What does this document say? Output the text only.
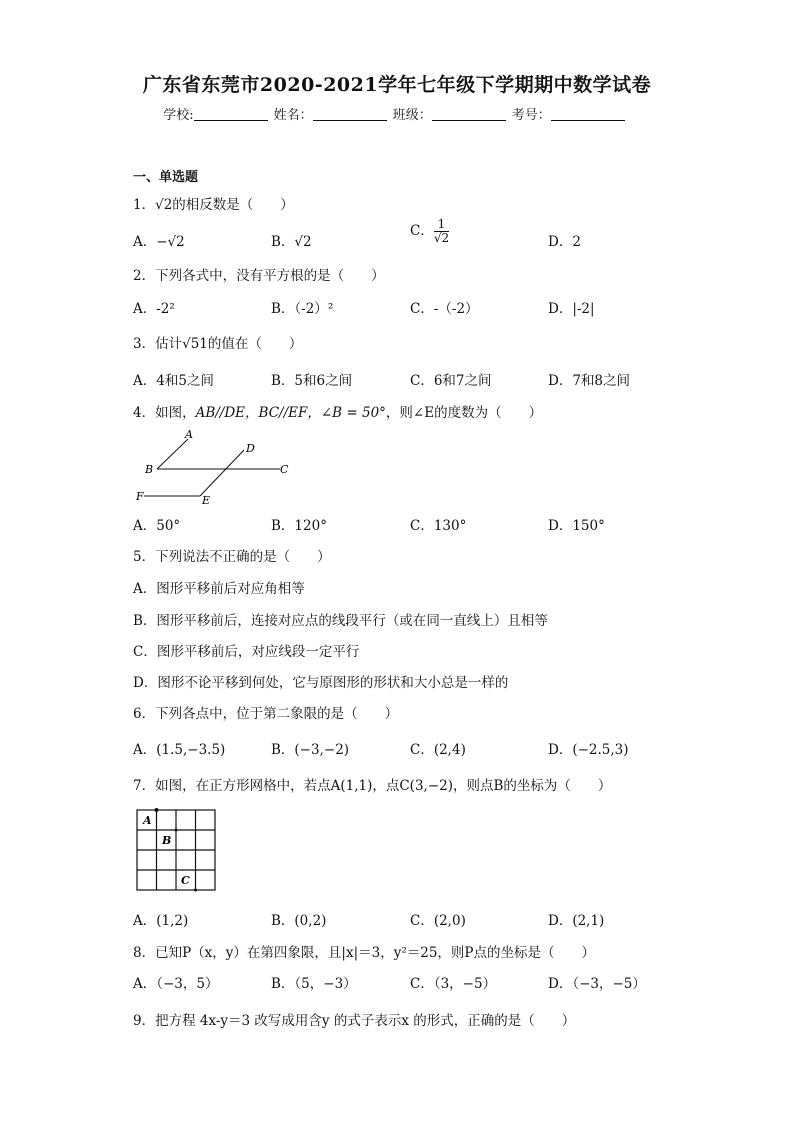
广东省东莞市2020-2021学年七年级下学期期中数学试卷
学校:	姓名：	班级：	考号：
一、单选题
1．√2的相反数是（　　）
A．−√2	B．√2
C． $\frac{1}{√2}$	D．2
2．下列各式中，没有平方根的是（　　）
A．-2²	B．（-2）²	C．-（-2）	D．|-2|
3．估计√51的值在（　　）
A．4和5之间	B．5和6之间	C．6和7之间	D．7和8之间
4．如图，AB//DE，BC//EF，∠B = 50°，则∠E的度数为（　　）
A
D
B	C
F	E
A．50°	B．120°	C．130°	D．150°
5．下列说法不正确的是（　　）
A．图形平移前后对应角相等
B．图形平移前后，连接对应点的线段平行（或在同一直线上）且相等
C．图形平移前后，对应线段一定平行
D．图形不论平移到何处，它与原图形的形状和大小总是一样的
6．下列各点中，位于第二象限的是（　　）
A．(1.5,−3.5)	B．(−3,−2)	C．(2,4)	D．(−2.5,3)
7．如图，在正方形网格中，若点A(1,1)，点C(3,−2)，则点B的坐标为（　　）
A
B
C
A．(1,2)	B．(0,2)	C．(2,0)	D．(2,1)
8．已知P（x，y）在第四象限，且|x|＝3，y²＝25，则P点的坐标是（　　）
A．（−3，5）	B．（5，−3）	C．（3，−5）	D．（−3，−5）
9．把方程 4x-y＝3 改写成用含y 的式子表示x 的形式，正确的是（　　）
